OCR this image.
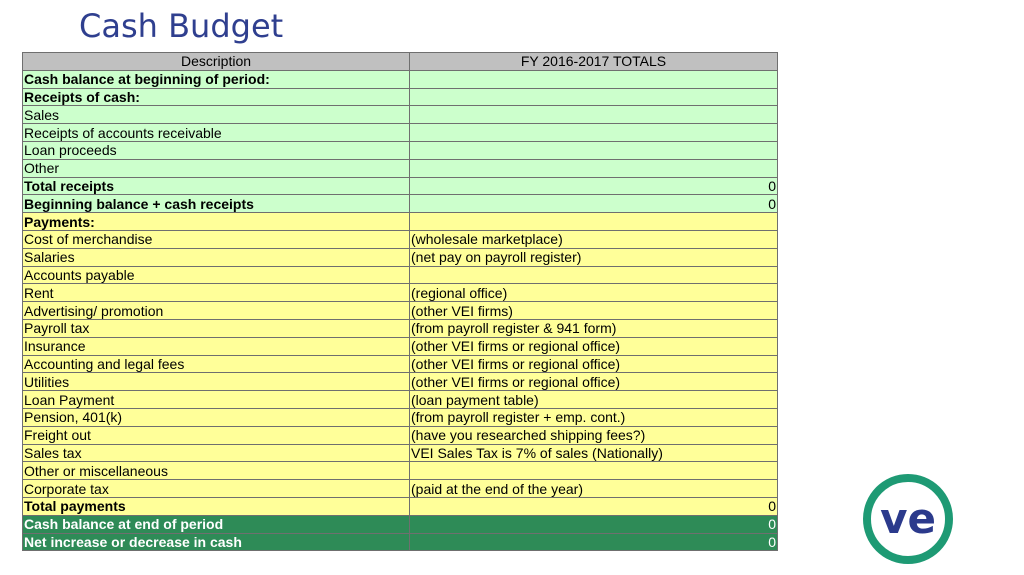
Cash Budget
Description	FY 2016-2017 TOTALS
Cash balance at beginning of period:	
Receipts of cash:	
Sales	
Receipts of accounts receivable	
Loan proceeds	
Other	
Total receipts	0
Beginning balance + cash receipts	0
Payments:	
Cost of merchandise	(wholesale marketplace)
Salaries	(net pay on payroll register)
Accounts payable	
Rent	(regional office)
Advertising/ promotion	(other VEI firms)
Payroll tax	(from payroll register & 941 form)
Insurance	(other VEI firms or regional office)
Accounting and legal fees	(other VEI firms or regional office)
Utilities	(other VEI firms or regional office)
Loan Payment	(loan payment table)
Pension, 401(k)	(from payroll register + emp. cont.)
Freight out	(have you researched shipping fees?)
Sales tax	VEI Sales Tax is 7% of sales (Nationally)
Other or miscellaneous	
Corporate tax	(paid at the end of the year)
Total payments	0
Cash balance at end of period	0
Net increase or decrease in cash	0 ve
